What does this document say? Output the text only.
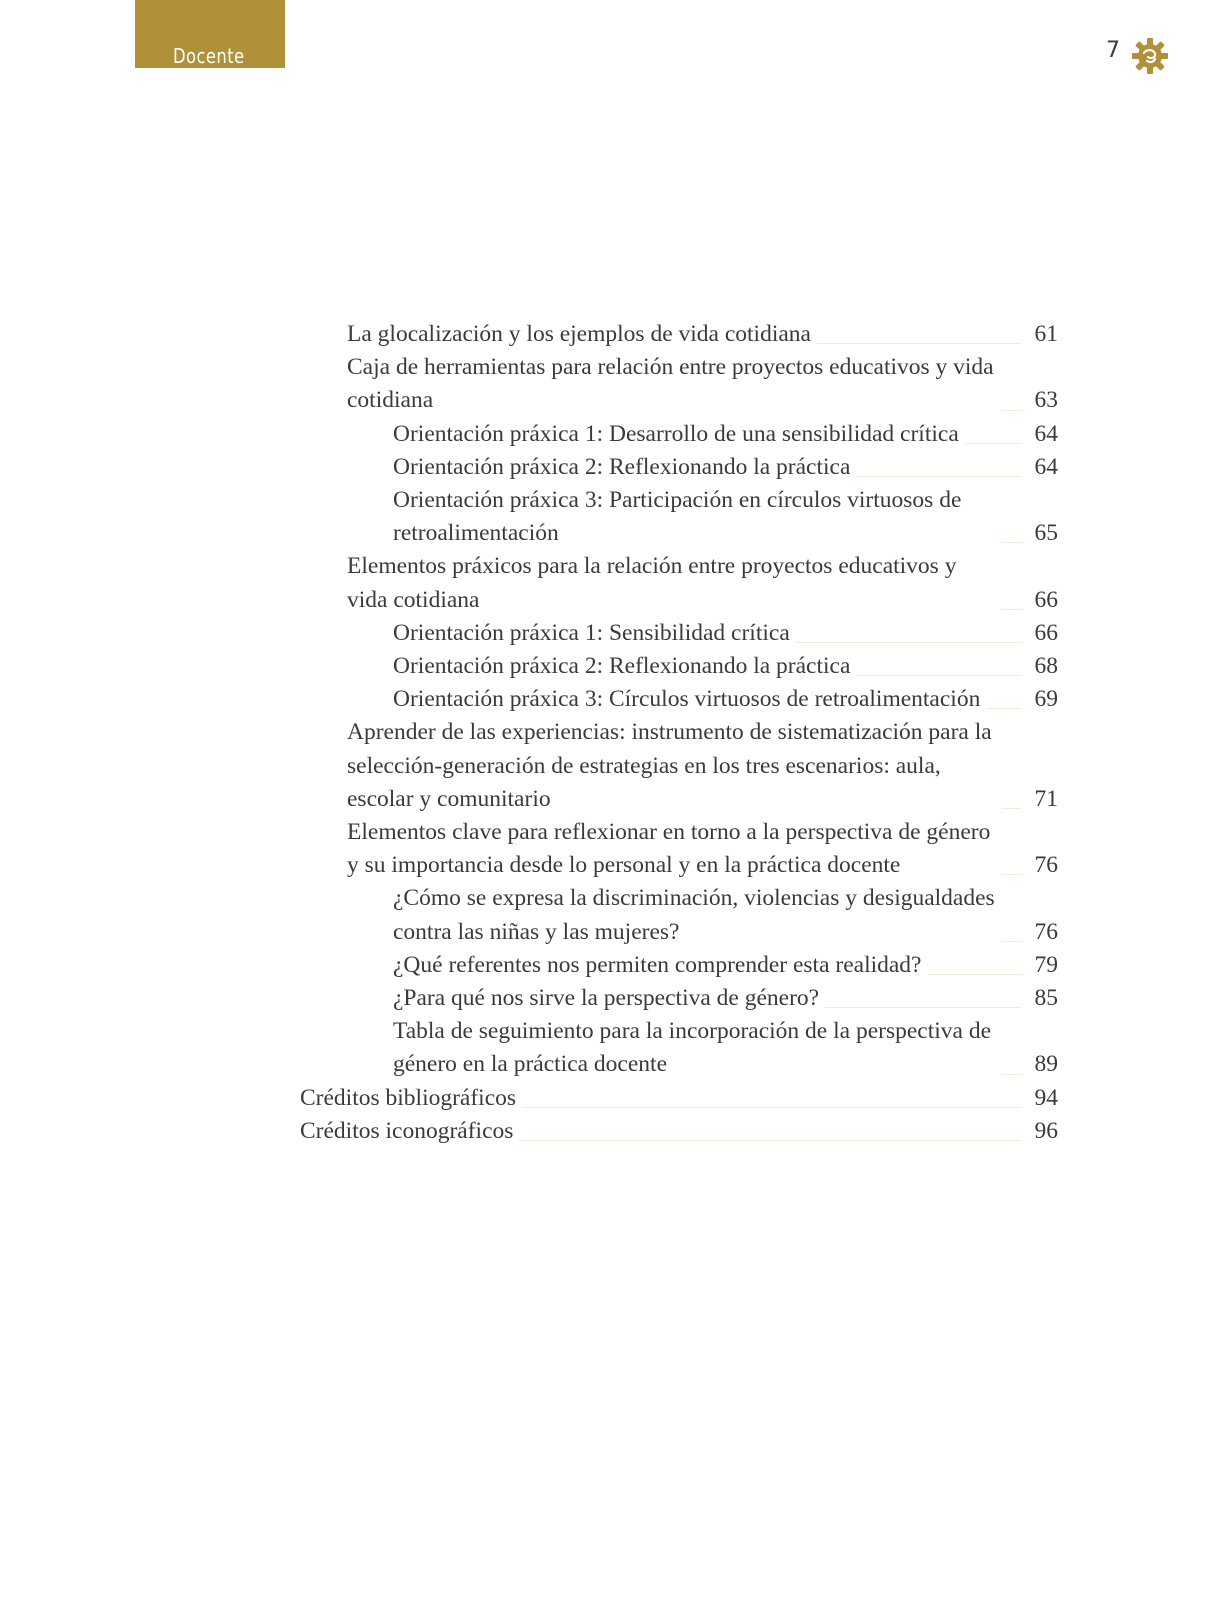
Docente	7
La glocalización y los ejemplos de vida cotidiana	61
Caja de herramientas para relación entre proyectos educativos y vida cotidiana	63
Orientación práxica 1: Desarrollo de una sensibilidad crítica	64
Orientación práxica 2: Reflexionando la práctica	64
Orientación práxica 3: Participación en círculos virtuosos de retroalimentación	65
Elementos práxicos para la relación entre proyectos educativos y vida cotidiana	66
Orientación práxica 1: Sensibilidad crítica	66
Orientación práxica 2: Reflexionando la práctica	68
Orientación práxica 3: Círculos virtuosos de retroalimentación 69
Aprender de las experiencias: instrumento de sistematización para la selección-generación de estrategias en los tres escenarios: aula, escolar y comunitario	71
Elementos clave para reflexionar en torno a la perspectiva de género y su importancia desde lo personal y en la práctica docente	76
¿Cómo se expresa la discriminación, violencias y desigualdades contra las niñas y las mujeres?	76
¿Qué referentes nos permiten comprender esta realidad?	79
¿Para qué nos sirve la perspectiva de género?	85
Tabla de seguimiento para la incorporación de la perspectiva de género en la práctica docente	89
Créditos bibliográficos	94
Créditos iconográficos	96
